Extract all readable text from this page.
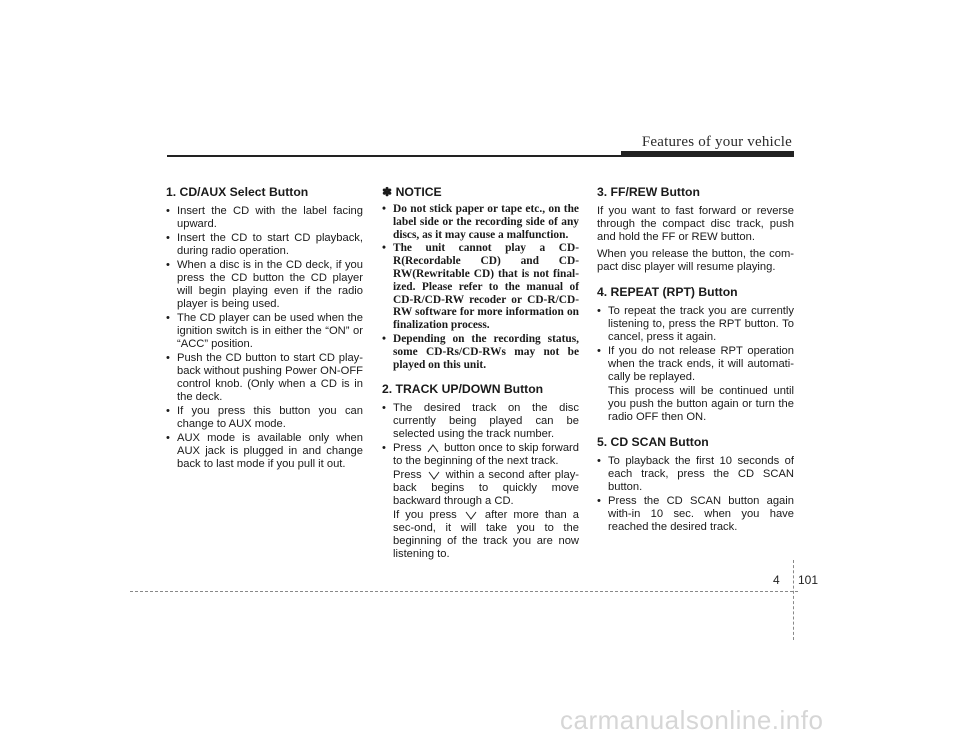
Features of your vehicle
1. CD/AUX Select Button
• Insert the CD with the label facing upward.
• Insert the CD to start CD playback, during radio operation.
• When a disc is in the CD deck, if you press the CD button the CD player will begin playing even if the radio player is being used.
• The CD player can be used when the ignition switch is in either the “ON” or “ACC” position.
• Push the CD button to start CD play-back without pushing Power ON-OFF control knob. (Only when a CD is in the deck.
• If you press this button you can change to AUX mode.
• AUX mode is available only when AUX jack is plugged in and change back to last mode if you pull it out.
✽ NOTICE
• Do not stick paper or tape etc., on the label side or the recording side of any discs, as it may cause a malfunction.
• The unit cannot play a CD-R(Recordable CD) and CD-RW(Rewritable CD) that is not final-ized. Please refer to the manual of CD-R/CD-RW recoder or CD-R/CD-RW software for more information on finalization process.
• Depending on the recording status, some CD-Rs/CD-RWs may not be played on this unit.
2. TRACK UP/DOWN Button
• The desired track on the disc currently being played can be selected using the track number.
• Press button once to skip forward to the beginning of the next track.
Press within a second after play-back begins to quickly move backward through a CD.
If you press	after more than a sec-ond, it will take you to the beginning of the track you are now listening to.
3. FF/REW Button

If you want to fast forward or reverse through the compact disc track, push and hold the FF or REW button.

When you release the button, the com-pact disc player will resume playing.

4. REPEAT (RPT) Button
• To repeat the track you are currently listening to, press the RPT button. To cancel, press it again.
• If you do not release RPT operation when the track ends, it will automati-cally be replayed.
This process will be continued until you push the button again or turn the radio OFF then ON.
5. CD SCAN Button
• To playback the first 10 seconds of each track, press the CD SCAN button.
• Press the CD SCAN button again with-in 10 sec. when you have reached the desired track.
4 101
carmanualsonline.info
